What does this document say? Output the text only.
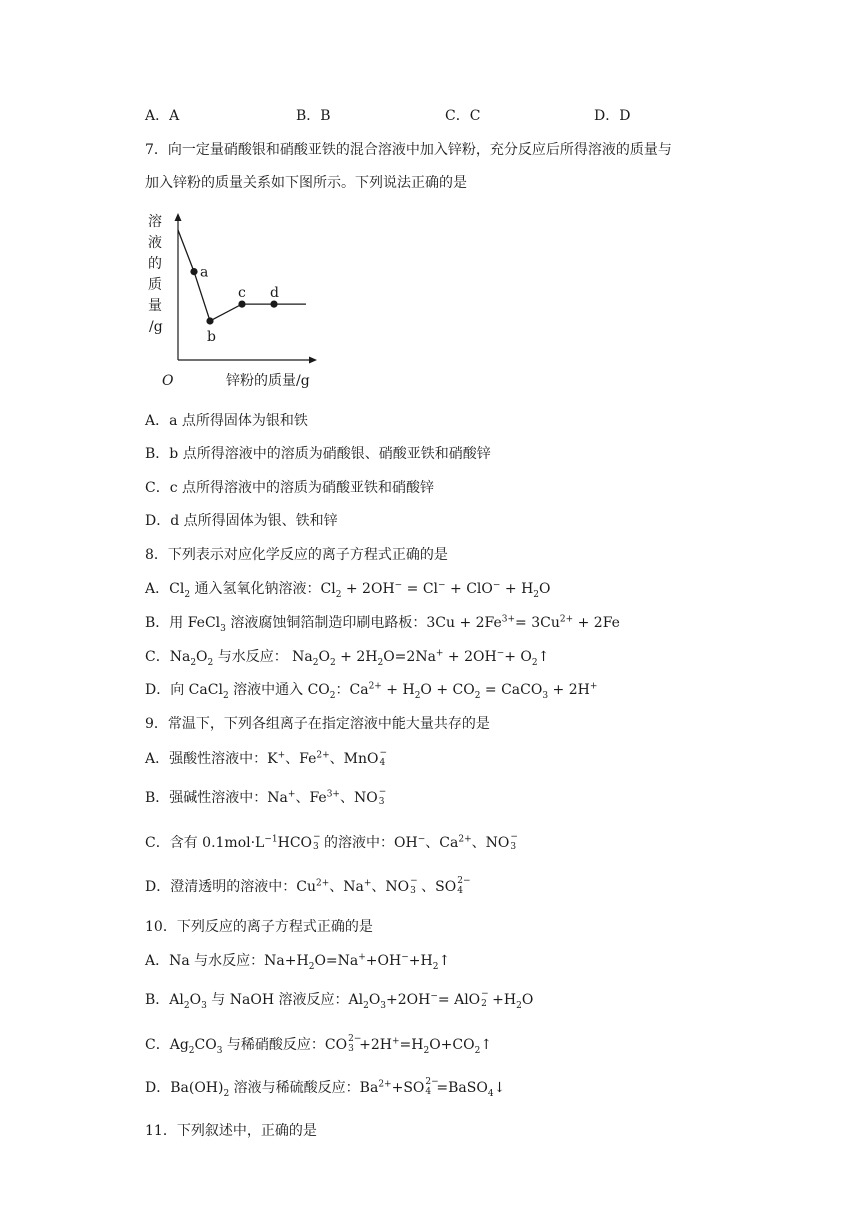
A．A	B．B	C．C	D．D
7．向一定量硝酸银和硝酸亚铁的混合溶液中加入锌粉，充分反应后所得溶液的质量与
加入锌粉的质量关系如下图所示。下列说法正确的是
溶
液
的
质
量
/g
O	锌粉的质量/g
a
b
c d
A．a 点所得固体为银和铁
B．b 点所得溶液中的溶质为硝酸银、硝酸亚铁和硝酸锌
C．c 点所得溶液中的溶质为硝酸亚铁和硝酸锌
D．d 点所得固体为银、铁和锌
8．下列表示对应化学反应的离子方程式正确的是
A．$Cl_2$ 通入氢氧化钠溶液：$Cl_2 + 2OH^- = Cl^- + ClO^- + H_2O$
B．用 FeCl$_3$ 溶液腐蚀铜箔制造印刷电路板：$3Cu + 2Fe^{3+}= 3Cu^{2+} + 2Fe$
C．$Na_2O_2$ 与水反应： $Na_2O_2 + 2H_2O=2Na^+ + 2OH^-+$ $O_2↑$
D．向 CaCl$_2$ 溶液中通入 $CO_2$：$Ca^{2+} + H_2O + CO_2$ = CaCO$_3$ + 2H+
9．常温下，下列各组离子在指定溶液中能大量共存的是
A．强酸性溶液中：K+、$Fe^{2+}$、MnO −
4
B．强碱性溶液中：Na+、$Fe^{3+}$、NO −
3
C．含有 $0.1mol\cdot L^{-1}HCO$ −
3 的溶液中：OH−、$Ca^{2+}$、NO −
3
D．澄清透明的溶液中：$Cu^{2+}$、Na+、NO −
3 、SO 2−
4
10．下列反应的离子方程式正确的是
A．Na 与水反应：$Na+H_2O=Na^++OH^-+H_2↑$
B．$Al_2O_3$ 与 NaOH 溶液反应：$Al_2O_3+2OH^-=$ AlO −
$2 +H_2O$
C．$Ag_2CO_3$ 与稀硝酸反应：CO 2−
$3 +2H^+=H_2O+CO_2↑$
D．$Ba(OH)_2$ 溶液与稀硫酸反应：$Ba^{2+}+SO$ 2−
4 =BaSO$_4$↓
11．下列叙述中，正确的是
